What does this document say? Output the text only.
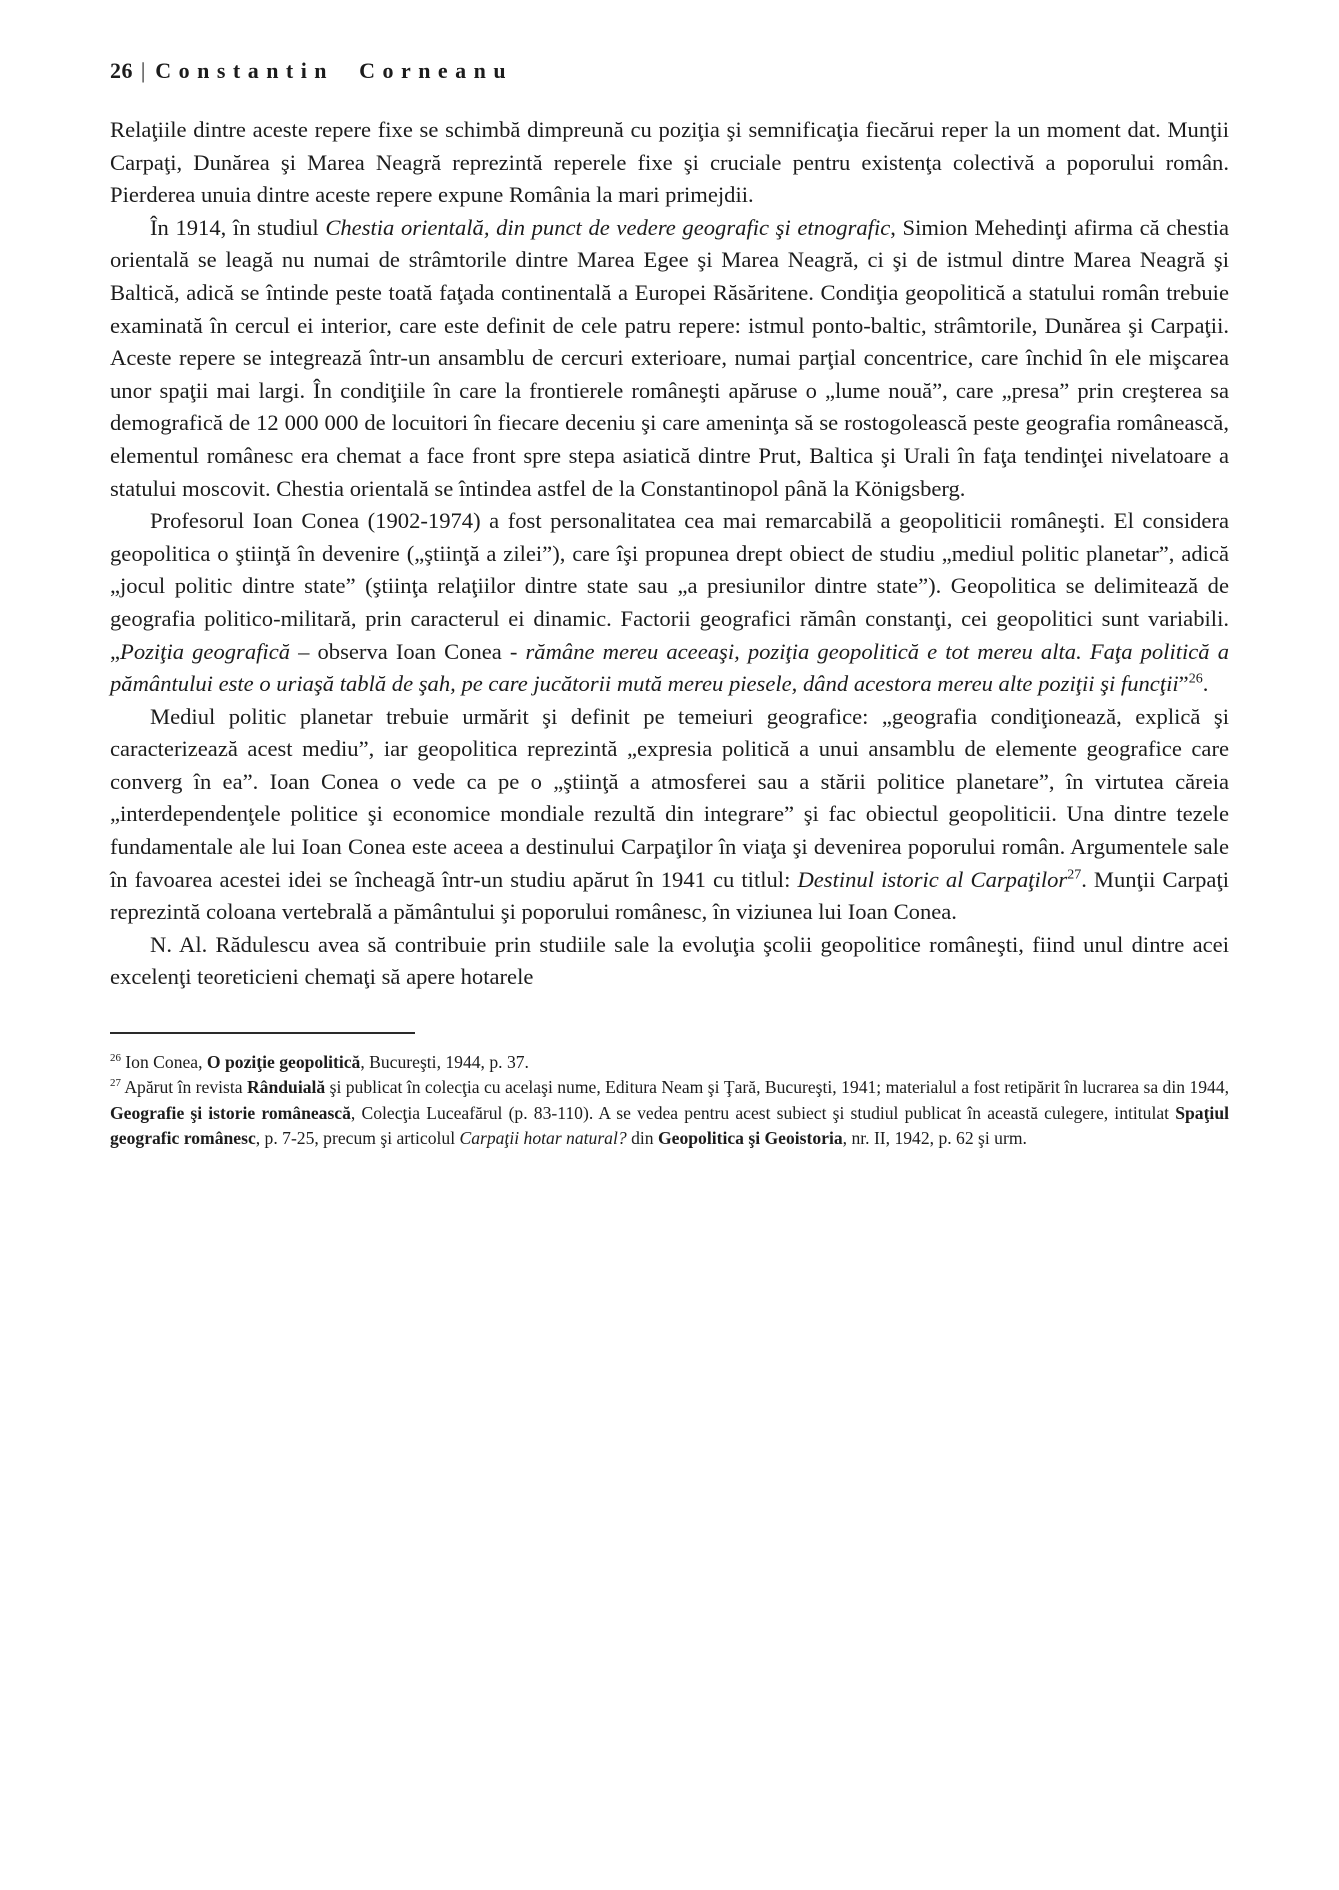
26 | Constantin Corneanu

Relaţiile dintre aceste repere fixe se schimbă dimpreună cu poziţia şi semnificaţia fiecărui reper la un moment dat. Munţii Carpaţi, Dunărea şi Marea Neagră reprezintă reperele fixe şi cruciale pentru existenţa colectivă a poporului român. Pierderea unuia dintre aceste repere expune România la mari primejdii.

În 1914, în studiul Chestia orientală, din punct de vedere geografic şi etnografic, Simion Mehedinţi afirma că chestia orientală se leagă nu numai de strâmtorile dintre Marea Egee şi Marea Neagră, ci şi de istmul dintre Marea Neagră şi Baltică, adică se întinde peste toată faţada continentală a Europei Răsăritene. Condiţia geopolitică a statului român trebuie examinată în cercul ei interior, care este definit de cele patru repere: istmul ponto-baltic, strâmtorile, Dunărea şi Carpaţii. Aceste repere se integrează într-un ansamblu de cercuri exterioare, numai parţial concentrice, care închid în ele mişcarea unor spaţii mai largi. În condiţiile în care la frontierele româneşti apăruse o „lume nouă”, care „presa” prin creşterea sa demografică de 12 000 000 de locuitori în fiecare deceniu şi care ameninţa să se rostogolească peste geografia românească, elementul românesc era chemat a face front spre stepa asiatică dintre Prut, Baltica şi Urali în faţa tendinţei nivelatoare a statului moscovit. Chestia orientală se întindea astfel de la Constantinopol până la Königsberg.

Profesorul Ioan Conea (1902-1974) a fost personalitatea cea mai remarcabilă a geopoliticii româneşti. El considera geopolitica o ştiinţă în devenire („ştiinţă a zilei”), care îşi propunea drept obiect de studiu „mediul politic planetar”, adică „jocul politic dintre state” (ştiinţa relaţiilor dintre state sau „a presiunilor dintre state”). Geopolitica se delimitează de geografia politico-militară, prin caracterul ei dinamic. Factorii geografici rămân constanţi, cei geopolitici sunt variabili. „Poziţia geografică – observa Ioan Conea - rămâne mereu aceeaşi, poziţia geopolitică e tot mereu alta. Faţa politică a pământului este o uriaşă tablă de şah, pe care jucătorii mută mereu piesele, dând acestora mereu alte poziţii şi funcţii”$^{26}$.

Mediul politic planetar trebuie urmărit şi definit pe temeiuri geografice: „geografia condiţionează, explică şi caracterizează acest mediu”, iar geopolitica reprezintă „expresia politică a unui ansamblu de elemente geografice care converg în ea”. Ioan Conea o vede ca pe o „ştiinţă a atmosferei sau a stării politice planetare”, în virtutea căreia „interdependenţele politice şi economice mondiale rezultă din integrare” şi fac obiectul geopoliticii. Una dintre tezele fundamentale ale lui Ioan Conea este aceea a destinului Carpaţilor în viaţa şi devenirea poporului român. Argumentele sale în favoarea acestei idei se încheagă într-un studiu apărut în 1941 cu titlul: Destinul istoric al Carpaţilor$^{27}$. Munţii Carpaţi reprezintă coloana vertebrală a pământului şi poporului românesc, în viziunea lui Ioan Conea.

N. Al. Rădulescu avea să contribuie prin studiile sale la evoluţia şcolii geopolitice româneşti, fiind unul dintre acei excelenţi teoreticieni chemaţi să apere hotarele

$^{26}$ Ion Conea, O poziţie geopolitică, Bucureşti, 1944, p. 37.

$^{27}$ Apărut în revista Rânduială şi publicat în colecţia cu acelaşi nume, Editura Neam şi Ţară, Bucureşti, 1941; materialul a fost retipărit în lucrarea sa din 1944, Geografie şi istorie românească, Colecţia Luceafărul (p. 83-110). A se vedea pentru acest subiect şi studiul publicat în această culegere, intitulat Spaţiul geografic românesc, p. 7-25, precum şi articolul Carpaţii hotar natural? din Geopolitica şi Geoistoria, nr. II, 1942, p. 62 şi urm.
